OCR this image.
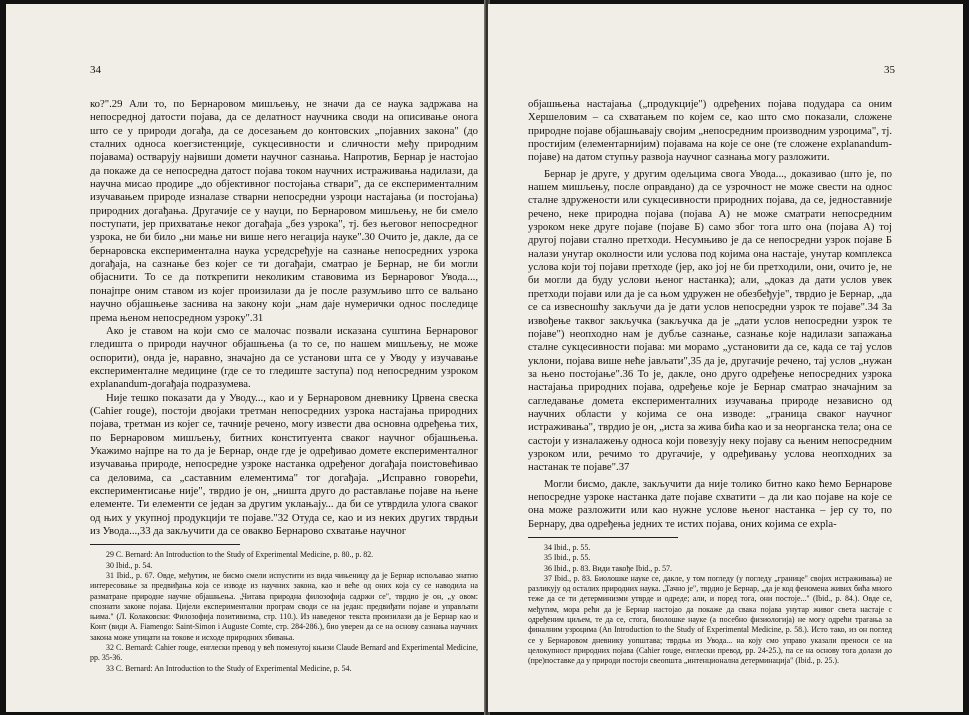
34

ко?".29 Али то, по Бернаровом мишљењу, не значи да се наука задржава на непосредној датости појава, да се делатност научника своди на описивање онога што се у природи догађа, да се досезањем до контовских „појавних закона" (до сталних односа коегзистенције, сукцесивности и сличности међу природним појавама) остварују највиши домети научног сазнања. Напротив, Бернар је настојао да покаже да се непосредна датост појава током научних истраживања надилази, да научна мисао продире „до објективног постојања ствари", да се експерименталним изучавањем природе изналазе стварни непосредни узроци настајања (и постојања) природних догађања. Другачије се у науци, по Бернаровом мишљењу, не би смело поступати, јер прихватање неког догађаја „без узрока", тј. без његовог непосредног узрока, не би било „ни мање ни више него негација науке".30 Очито је, дакле, да се бернаровска експериментална наука усредсређује на сазнање непосредних узрока догађаја, на сазнање без којег се ти догађаји, сматрао је Бернар, не би могли објаснити. То се да поткрепити неколиким ставовима из Бернаровог Увода..., понајпре оним ставом из којег произилази да је после разумљиво што се вальано научно објашњење заснива на закону који „нам даје нумерички однос последице према њеном непосредном узроку".31

Ако је ставом на који смо се малочас позвали исказана суштина Бернаровог гледишта о природи научног објашњења (а то се, по нашем мишљењу, не може оспорити), онда је, наравно, значајно да се установи шта се у Уводу у изучавање експерименталне медицине (где се то гледиште заступа) под непосредним узроком explanandum-догађаја подразумева.

Није тешко показати да у Уводу..., као и у Бернаровом дневнику Црвена свеска (Cahier rouge), постоји двојаки третман непосредних узрока настајања природних појава, третман из којег се, тачније речено, могу извести два основна одређења тих, по Бернаровом мишљењу, битних конституента сваког научног објашњења. Укажимо најпре на то да је Бернар, онде где је одређивао домете експерименталног изучавања природе, непосредне узроке настанка одређеног догађаја поистовећивао са деловима, са „саставним елементима" тог догађаја. „Исправно говорећи, експериментисање није", тврдио је он, „ништа друго до раставлање појаве на њене елементе. Ти елементи се један за другим уклањају... да би се утврдила улога сваког од њих у укупној продукцији те појаве."32 Отуда се, као и из неких других тврдњи из Увода...,33 да закључити да се овакво Бернарово схватање научног

29 C. Bernard: An Introduction to the Study of Experimental Medicine, p. 80., p. 82.

30 Ibid., p. 54.

31 Ibid., p. 67. Овде, међутим, не бисмо смели испустити из вида чињеницу да је Бернар испољавао знатно интересовање за предвиђања која се изводе из научних закона, као и веће од оних која су се наводила на разматране природне научне објашњења. „Читава природна филозофија садржи се", тврдио је он, „у овом: спознати законе појава. Цијели експериментални програм своди се на један: предвиђати појаве и управљати њима." (Л. Колаковски: Филозофија позитивизма, стр. 110.). Из наведеног текста произилази да је Бернар као и Конт (види А. Fiamengo: Saint-Simon i Auguste Comte, стр. 284-286.), био уверен да се на основу сазнања научних закона може утицати на токове и исходе природних збивања.

32 C. Bernard: Cahier rouge, енглески превод у већ поменутој књизи Claude Bernard and Experimental Medicine, pp. 35-36.

33 C. Bernard: An Introduction to the Study of Experimental Medicine, p. 54.

35

објашњења настајања („продукције") одређених појава подудара са оним Хершеловим – са схватањем по којем се, као што смо показали, сложене природне појаве објашњавају својим „непосредним производним узроцима", тј. простијим (елементарнијим) појавама на које се оне (те сложене explanandum-појаве) на датом ступњу развоја научног сазнања могу разложити.

Бернар је друге, у другим одељцима свога Увода..., доказивао (што је, по нашем мишљењу, после оправдано) да се узрочност не може свести на однос сталне здружености или сукцесивности природних појава, да се, једноставније речено, неке природна појава (појава А) не може сматрати непосредним узроком неке друге појаве (појаве Б) само због тога што она (појава А) тој другој појави стално претходи. Несумњиво је да се непосредни узрок појаве Б налази унутар околности или услова под којима она настаје, унутар комплекса услова који тој појави претходе (јер, ако јој не би претходили, они, очито је, не би могли да буду услови њеног настанка); али, „доказ да дати услов увек претходи појави или да је са њом удружен не обезбеђује", тврдио је Бернар, „да се са извесношћу закључи да је дати услов непосредни узрок те појаве".34 За извођење таквог закључка (закључка да је „дати услов непосредни узрок те појаве") неопходно нам је дубље сазнање, сазнање које надилази запажања сталне сукцесивности појава: ми морамо „установити да се, када се тај услов уклони, појава више неће јављати",35 да је, другачије речено, тај услов „нужан за њено постојање".36 То је, дакле, оно другo одређење непосредних узрока настајања природних појава, одређење које је Бернар сматрао значајним за сагледавање домета експерименталних изучавања природе независно од научних области у којима се она изводе: „граница сваког научног истраживања", тврдио је он, „иста за жива бића као и за неорганска тела; она се састоји у изналажењу односа који повезују неку појаву са њеним непосредним узроком или, речимо то другачије, у одређивању услова неопходних за настанак те појаве".37

Могли бисмо, дакле, закључити да није толико битно како ћемо Бернарове непосредне узроке настанка дате појаве схватити – да ли као појаве на које се она може разложити или као нужне услове њеног настанка – јер су то, по Бернару, два одређења једних те истих појава, оних којима се expla-

34 Ibid., p. 55.

35 Ibid., p. 55.

36 Ibid., p. 83. Види такође Ibid., p. 57.

37 Ibid., p. 83. Биолошке науке се, дакле, у том погледу (у погледу „границе" својих истраживања) не разликују од осталих природних наука. „Тачно је", тврдио је Бернар, „да је код феномена живих бића много теже да се ти детерминизми утврде и одреде; али, и поред тога, они постоје..." (Ibid., p. 84.). Овде се, међутим, мора рећи да је Бернар настојао да покаже да свака појава унутар живог света настаје с одређеним циљем, те да се, стога, биолошке науке (а посебно физиологија) не могу одрећи трагања за финалним узроцима (An Introduction to the Study of Experimental Medicine, p. 58.). Исто тако, из он поглед се у Бернаровом дневнику уопштава; тврдња из Увода... на коју смо управо указали преноси се на целокупност природних појава (Cahier rouge, енглески превод, pp. 24-25.), па се на основу тога долази до (пре)поставке да у природи постоји свеопшта „интенционална детерминација" (Ibid., p. 25.).
